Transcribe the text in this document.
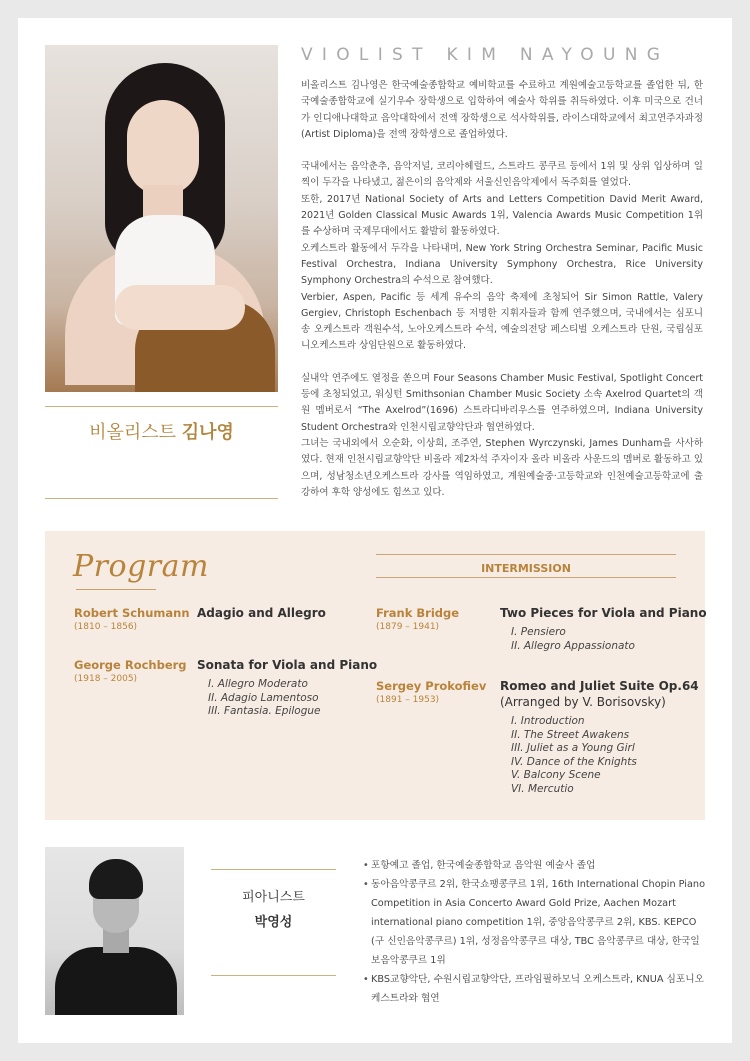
VIOLIST KIM NAYOUNG
비올리스트 김나영

비올리스트 김나영은 한국예술종합학교 예비학교를 수료하고 계원예술고등학교를 졸업한 뒤, 한국예술종합학교에 실기우수 장학생으로 입학하여 예술사 학위를 취득하였다. 이후 미국으로 건너가 인디애나대학교 음악대학에서 전액 장학생으로 석사학위를, 라이스대학교에서 최고연주자과정(Artist Diploma)을 전액 장학생으로 졸업하였다.

국내에서는 음악춘추, 음악저널, 코리아헤럴드, 스트라드 콩쿠르 등에서 1위 및 상위 입상하며 일찍이 두각을 나타냈고, 젊은이의 음악제와 서울신인음악제에서 독주회를 열었다.
또한, 2017년 National Society of Arts and Letters Competition David Merit Award, 2021년 Golden Classical Music Awards 1위, Valencia Awards Music Competition 1위를 수상하며 국제무대에서도 활발히 활동하였다.
오케스트라 활동에서 두각을 나타내며, New York String Orchestra Seminar, Pacific Music Festival Orchestra, Indiana University Symphony Orchestra, Rice University Symphony Orchestra의 수석으로 참여했다.
Verbier, Aspen, Pacific 등 세계 유수의 음악 축제에 초청되어 Sir Simon Rattle, Valery Gergiev, Christoph Eschenbach 등 저명한 지휘자들과 함께 연주했으며, 국내에서는 심포니송 오케스트라 객원수석, 노아오케스트라 수석, 예술의전당 페스티벌 오케스트라 단원, 국립심포니오케스트라 상임단원으로 활동하였다.

실내악 연주에도 열정을 쏟으며 Four Seasons Chamber Music Festival, Spotlight Concert 등에 초청되었고, 워싱턴 Smithsonian Chamber Music Society 소속 Axelrod Quartet의 객원 멤버로서 “The Axelrod”(1696) 스트라디바리우스를 연주하였으며, Indiana University Student Orchestra와 인천시립교향악단과 협연하였다.
그녀는 국내외에서 오순화, 이상희, 조주연, Stephen Wyrczynski, James Dunham을 사사하였다. 현재 인천시립교향악단 비올라 제2차석 주자이자 올라 비올라 사운드의 멤버로 활동하고 있으며, 성남청소년오케스트라 강사를 역임하였고, 계원예술중·고등학교와 인천예술고등학교에 출강하여 후학 양성에도 힘쓰고 있다.

Program	INTERMISSION
Robert Schumann
(1810 – 1856)
Adagio and Allegro
George Rochberg
(1918 – 2005)
Sonata for Viola and Piano
I. Allegro Moderato
II. Adagio Lamentoso
III. Fantasia. Epilogue
Frank Bridge
(1879 – 1941)
Two Pieces for Viola and Piano
I. Pensiero
II. Allegro Appassionato
Sergey Prokofiev
(1891 – 1953)
Romeo and Juliet Suite Op.64
(Arranged by V. Borisovsky)
I. Introduction
II. The Street Awakens
III. Juliet as a Young Girl
IV. Dance of the Knights
V. Balcony Scene
VI. Mercutio
피아니스트
박영성
• 포항예고 졸업, 한국예술종합학교 음악원 예술사 졸업
• 동아음악콩쿠르 2위, 한국쇼팽콩쿠르 1위, 16th International Chopin Piano Competition in Asia Concerto Award Gold Prize, Aachen Mozart international piano competition 1위, 중앙음악콩쿠르 2위, KBS. KEPCO (구 신인음악콩쿠르) 1위, 성정음악콩쿠르 대상, TBC 음악콩쿠르 대상, 한국일보음악콩쿠르 1위
• KBS교향악단, 수원시립교향악단, 프라임필하모닉 오케스트라, KNUA 심포니오케스트라와 협연
